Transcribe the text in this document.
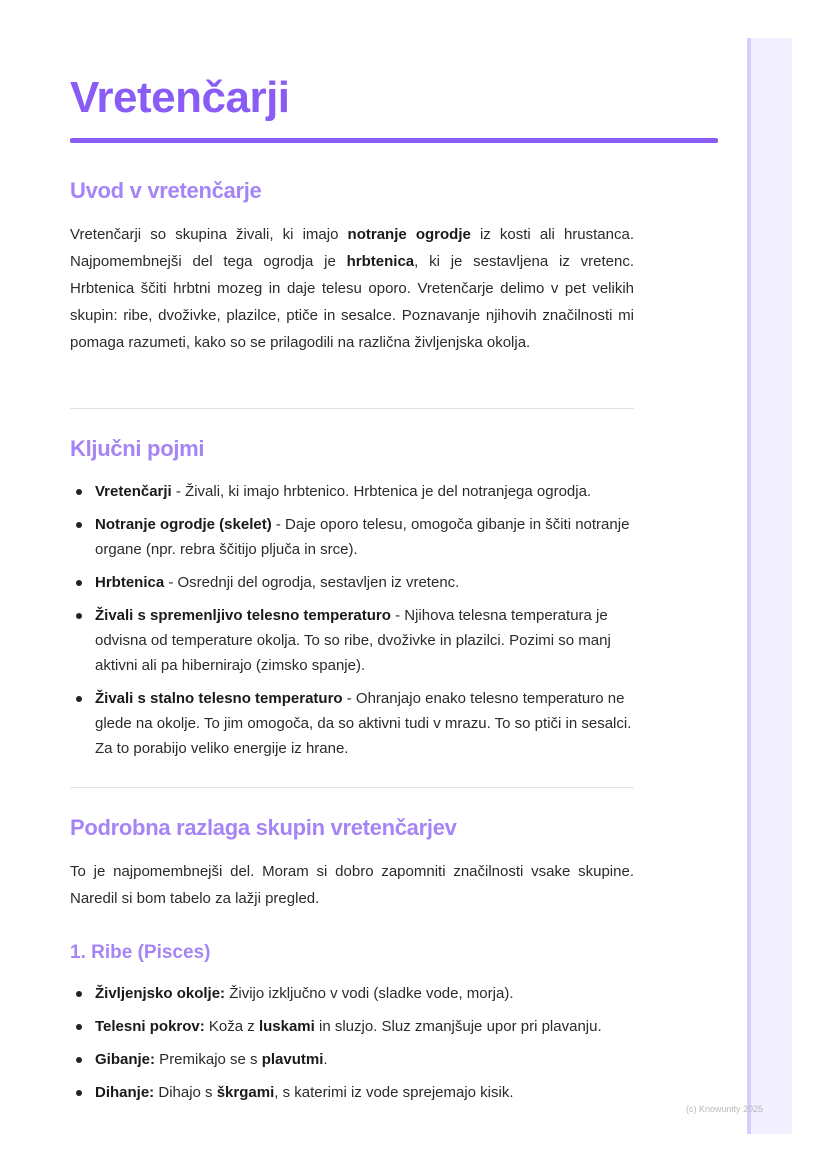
Vretenčarji
Uvod v vretenčarje

Vretenčarji so skupina živali, ki imajo notranje ogrodje iz kosti ali hrustanca. Najpomembnejši del tega ogrodja je hrbtenica, ki je sestavljena iz vretenc. Hrbtenica ščiti hrbtni mozeg in daje telesu oporo. Vretenčarje delimo v pet velikih skupin: ribe, dvoživke, plazilce, ptiče in sesalce. Poznavanje njihovih značilnosti mi pomaga razumeti, kako so se prilagodili na različna življenjska okolja.

Ključni pojmi
Vretenčarji - Živali, ki imajo hrbtenico. Hrbtenica je del notranjega ogrodja.
Notranje ogrodje (skelet) - Daje oporo telesu, omogoča gibanje in ščiti notranje organe (npr. rebra ščitijo pljuča in srce).
Hrbtenica - Osrednji del ogrodja, sestavljen iz vretenc.
Živali s spremenljivo telesno temperaturo - Njihova telesna temperatura je odvisna od temperature okolja. To so ribe, dvoživke in plazilci. Pozimi so manj aktivni ali pa hibernirajo (zimsko spanje).
Živali s stalno telesno temperaturo - Ohranjajo enako telesno temperaturo ne glede na okolje. To jim omogoča, da so aktivni tudi v mrazu. To so ptiči in sesalci. Za to porabijo veliko energije iz hrane.
Podrobna razlaga skupin vretenčarjev

To je najpomembnejši del. Moram si dobro zapomniti značilnosti vsake skupine. Naredil si bom tabelo za lažji pregled.

1. Ribe (Pisces)
Življenjsko okolje: Živijo izključno v vodi (sladke vode, morja).
Telesni pokrov: Koža z luskami in sluzjo. Sluz zmanjšuje upor pri plavanju.
Gibanje: Premikajo se s plavutmi.
Dihanje: Dihajo s škrgami, s katerimi iz vode sprejemajo kisik.
(c) Knowunity 2025
